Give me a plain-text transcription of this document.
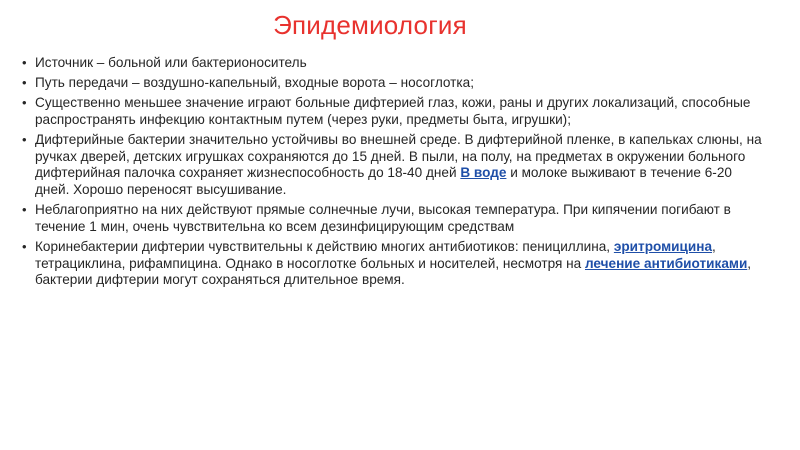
Эпидемиология
• Источник – больной или бактерионоситель
• Путь передачи – воздушно-капельный, входные ворота – носоглотка;
• Существенно меньшее значение играют больные дифтерией глаз, кожи, раны и других локализаций, способные распространять инфекцию контактным путем (через руки, предметы быта, игрушки);
• Дифтерийные бактерии значительно устойчивы во внешней среде. В дифтерийной пленке, в капельках слюны, на ручках дверей, детских игрушках сохраняются до 15 дней. В пыли, на полу, на предметах в окружении больного дифтерийная палочка сохраняет жизнеспособность до 18-40 дней В воде и молоке выживают в течение 6-20 дней. Хорошо переносят высушивание.
• Неблагоприятно на них действуют прямые солнечные лучи, высокая температура. При кипячении погибают в течение 1 мин, очень чувствительна ко всем дезинфицирующим средствам
• Коринебактерии дифтерии чувствительны к действию многих антибиотиков: пенициллина, эритромицина, тетрациклина, рифампицина. Однако в носоглотке больных и носителей, несмотря на лечение антибиотиками, бактерии дифтерии могут сохраняться длительное время.
